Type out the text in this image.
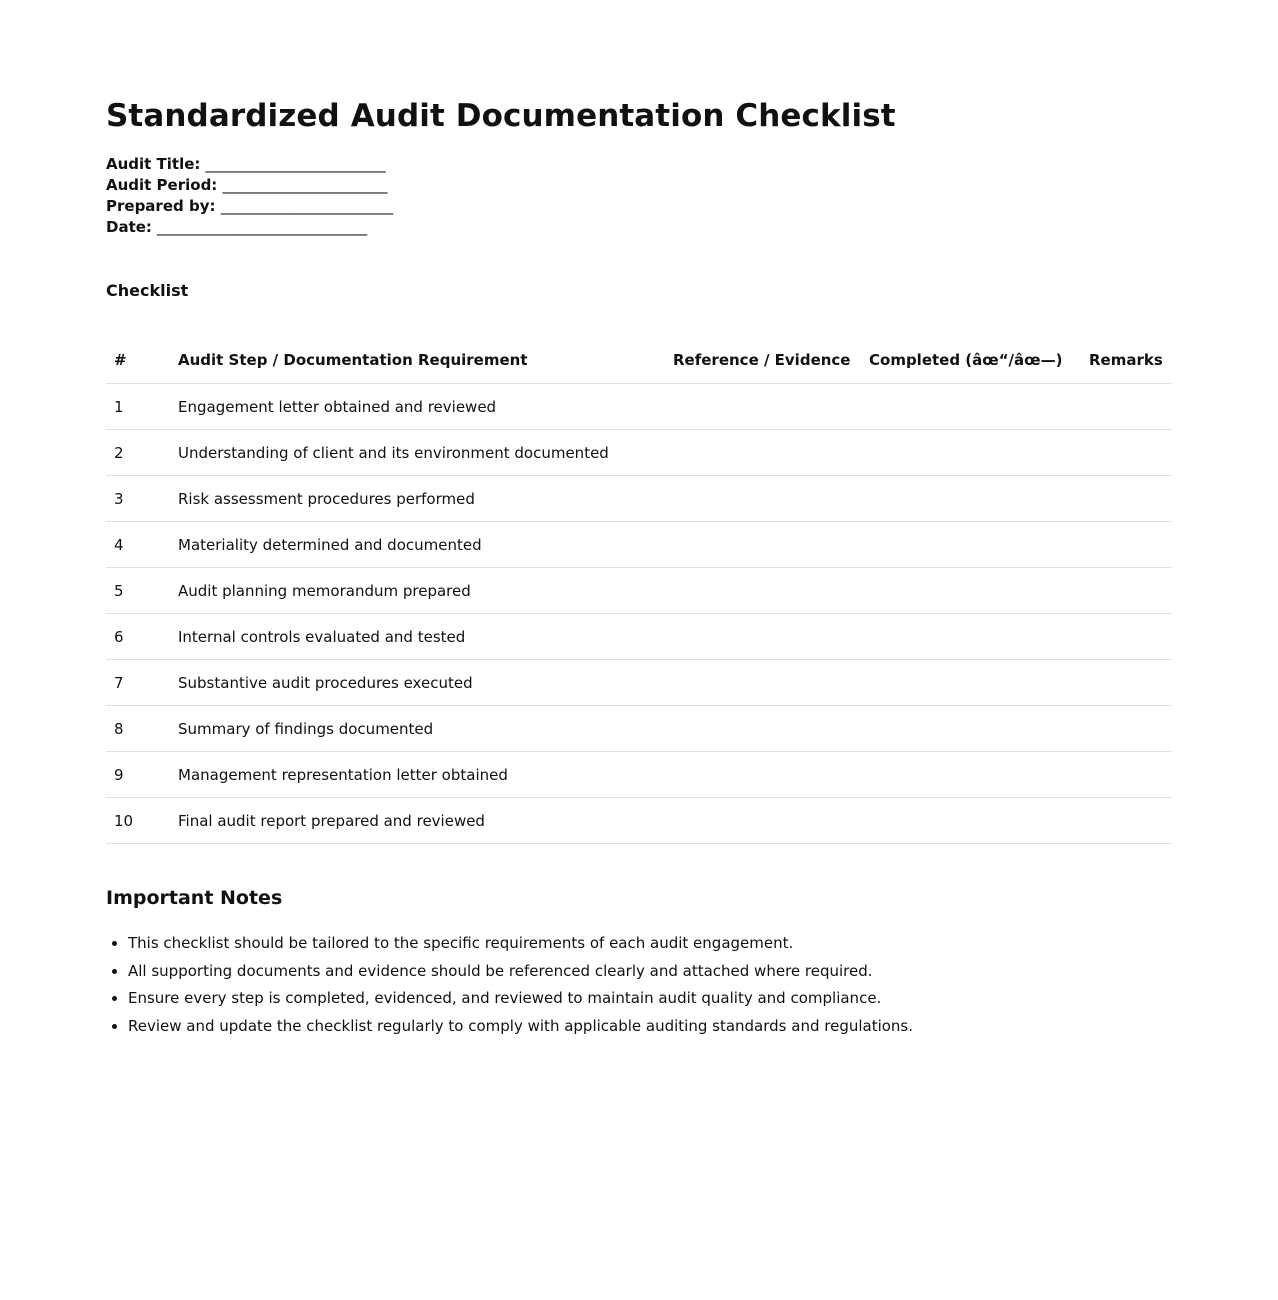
Standardized Audit Documentation Checklist
Audit Title: ________________________
Audit Period: ______________________
Prepared by: _______________________
Date: ____________________________
Checklist
#	Audit Step / Documentation Requirement	Reference / Evidence	Completed (âœ“/âœ—)	Remarks
1	Engagement letter obtained and reviewed			
2	Understanding of client and its environment documented			
3	Risk assessment procedures performed			
4	Materiality determined and documented			
5	Audit planning memorandum prepared			
6	Internal controls evaluated and tested			
7	Substantive audit procedures executed			
8	Summary of findings documented			
9	Management representation letter obtained			
10	Final audit report prepared and reviewed			
Important Notes
• This checklist should be tailored to the specific requirements of each audit engagement.
• All supporting documents and evidence should be referenced clearly and attached where required.
• Ensure every step is completed, evidenced, and reviewed to maintain audit quality and compliance.
• Review and update the checklist regularly to comply with applicable auditing standards and regulations.
